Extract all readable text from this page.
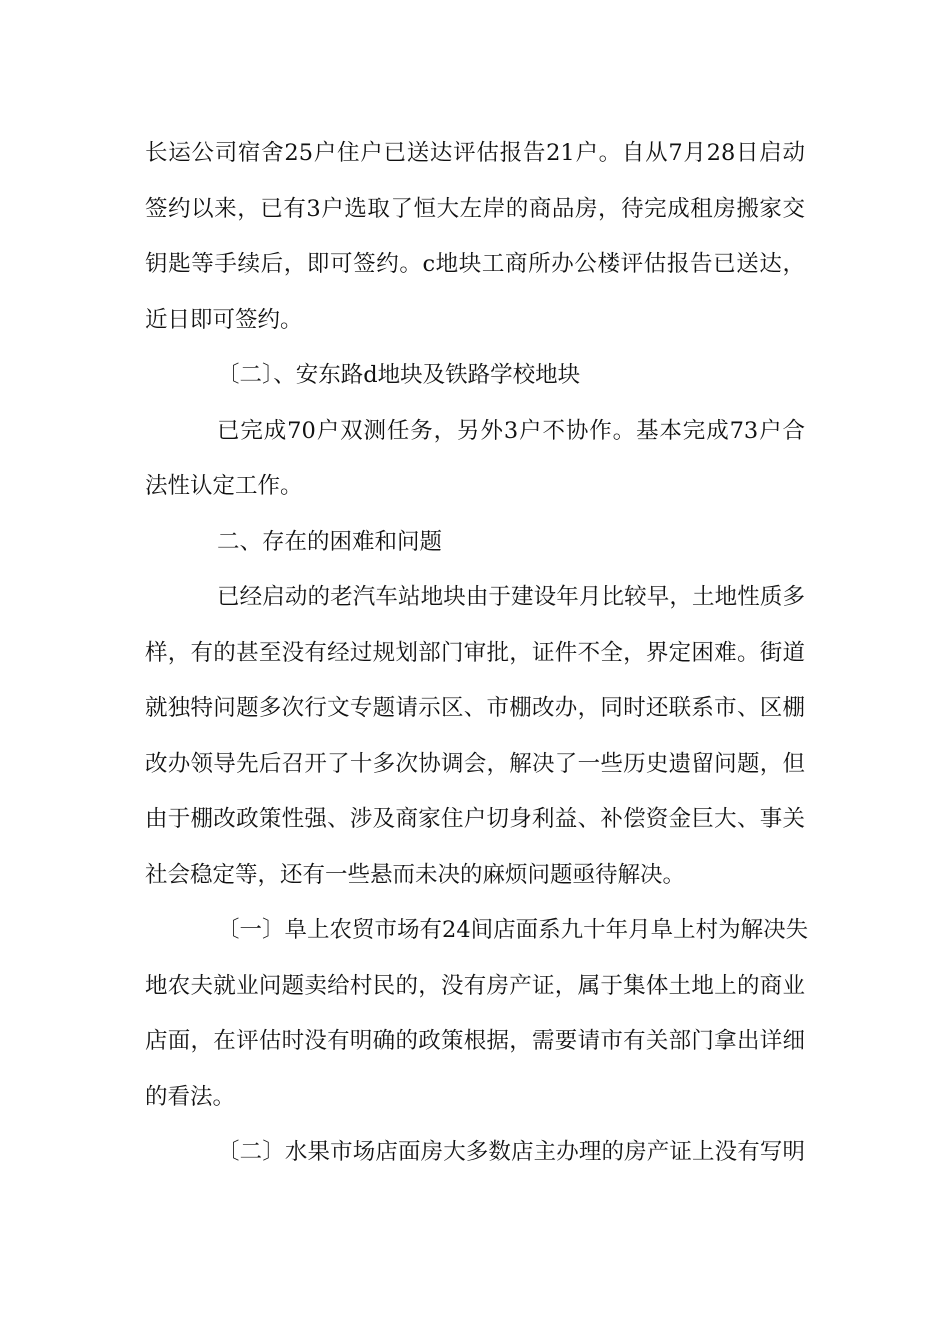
长运公司宿舍25户住户已送达评估报告21户。自从7月28日启动
签约以来，已有3户选取了恒大左岸的商品房，待完成租房搬家交
钥匙等手续后，即可签约。c地块工商所办公楼评估报告已送达，
近日即可签约。
〔二〕、安东路d地块及铁路学校地块
已完成70户双测任务，另外3户不协作。基本完成73户合
法性认定工作。
二、存在的困难和问题
已经启动的老汽车站地块由于建设年月比较早，土地性质多
样，有的甚至没有经过规划部门审批，证件不全，界定困难。街道
就独特问题多次行文专题请示区、市棚改办，同时还联系市、区棚
改办领导先后召开了十多次协调会，解决了一些历史遗留问题，但
由于棚改政策性强、涉及商家住户切身利益、补偿资金巨大、事关
社会稳定等，还有一些悬而未决的麻烦问题亟待解决。
〔一〕阜上农贸市场有24间店面系九十年月阜上村为解决失
地农夫就业问题卖给村民的，没有房产证，属于集体土地上的商业
店面，在评估时没有明确的政策根据，需要请市有关部门拿出详细
的看法。
〔二〕水果市场店面房大多数店主办理的房产证上没有写明
